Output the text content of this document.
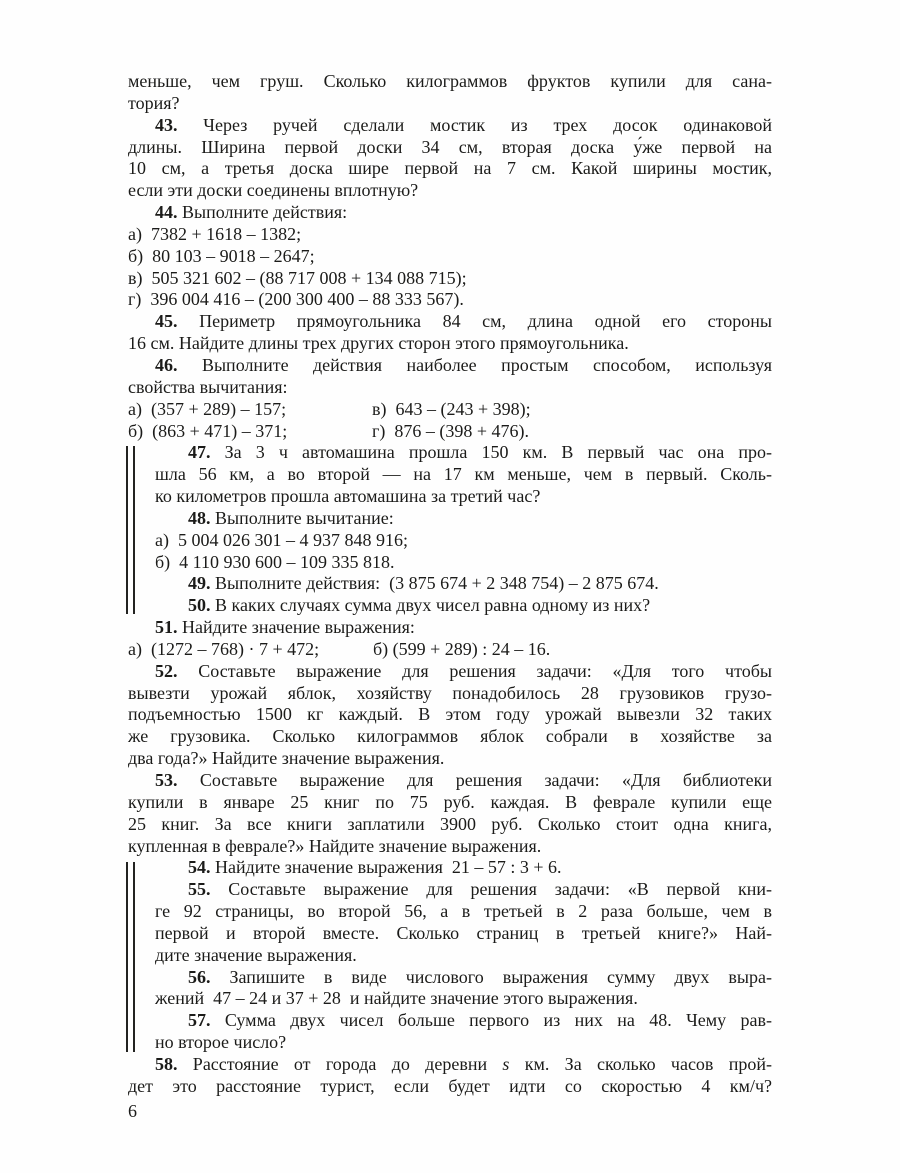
меньше, чем груш. Сколько килограммов фруктов купили для сана-
тория?
43. Через ручей сделали мостик из трех досок одинаковой
длины. Ширина первой доски 34 см, вторая доска у́же первой на
10 см, а третья доска шире первой на 7 см. Какой ширины мостик,
если эти доски соединены вплотную?
44. Выполните действия:
а)  7382 + 1618 – 1382;
б)  80 103 – 9018 – 2647;
в)  505 321 602 – (88 717 008 + 134 088 715);
г)  396 004 416 – (200 300 400 – 88 333 567).
45. Периметр прямоугольника 84 см, длина одной его стороны
16 см. Найдите длины трех других сторон этого прямоугольника.
46. Выполните действия наиболее простым способом, используя
свойства вычитания:
а)  (357 + 289) – 157;	в)  643 – (243 + 398);
б)  (863 + 471) – 371;	г)  876 – (398 + 476).
47. За 3 ч автомашина прошла 150 км. В первый час она про-
шла 56 км, а во второй — на 17 км меньше, чем в первый. Сколь-
ко километров прошла автомашина за третий час?
48. Выполните вычитание:
а)  5 004 026 301 – 4 937 848 916;
б)  4 110 930 600 – 109 335 818.
49. Выполните действия:  (3 875 674 + 2 348 754) – 2 875 674.
50. В каких случаях сумма двух чисел равна одному из них?
51. Найдите значение выражения:
а)  (1272 – 768) · 7 + 472;	б) (599 + 289) : 24 – 16.
52. Составьте выражение для решения задачи: «Для того чтобы
вывезти урожай яблок, хозяйству понадобилось 28 грузовиков грузо-
подъемностью 1500 кг каждый. В этом году урожай вывезли 32 таких
же грузовика. Сколько килограммов яблок собрали в хозяйстве за
два года?» Найдите значение выражения.
53. Составьте выражение для решения задачи: «Для библиотеки
купили в январе 25 книг по 75 руб. каждая. В феврале купили еще
25 книг. За все книги заплатили 3900 руб. Сколько стоит одна книга,
купленная в феврале?» Найдите значение выражения.
54. Найдите значение выражения  21 – 57 : 3 + 6.
55. Составьте выражение для решения задачи: «В первой кни-
ге 92 страницы, во второй 56, а в третьей в 2 раза больше, чем в
первой и второй вместе. Сколько страниц в третьей книге?» Най-
дите значение выражения.
56. Запишите в виде числового выражения сумму двух выра-
жений  47 – 24 и 37 + 28  и найдите значение этого выражения.
57. Сумма двух чисел больше первого из них на 48. Чему рав-
но второе число?
58. Расстояние от города до деревни s км. За сколько часов прой-
дет это расстояние турист, если будет идти со скоростью 4 км/ч?
6
